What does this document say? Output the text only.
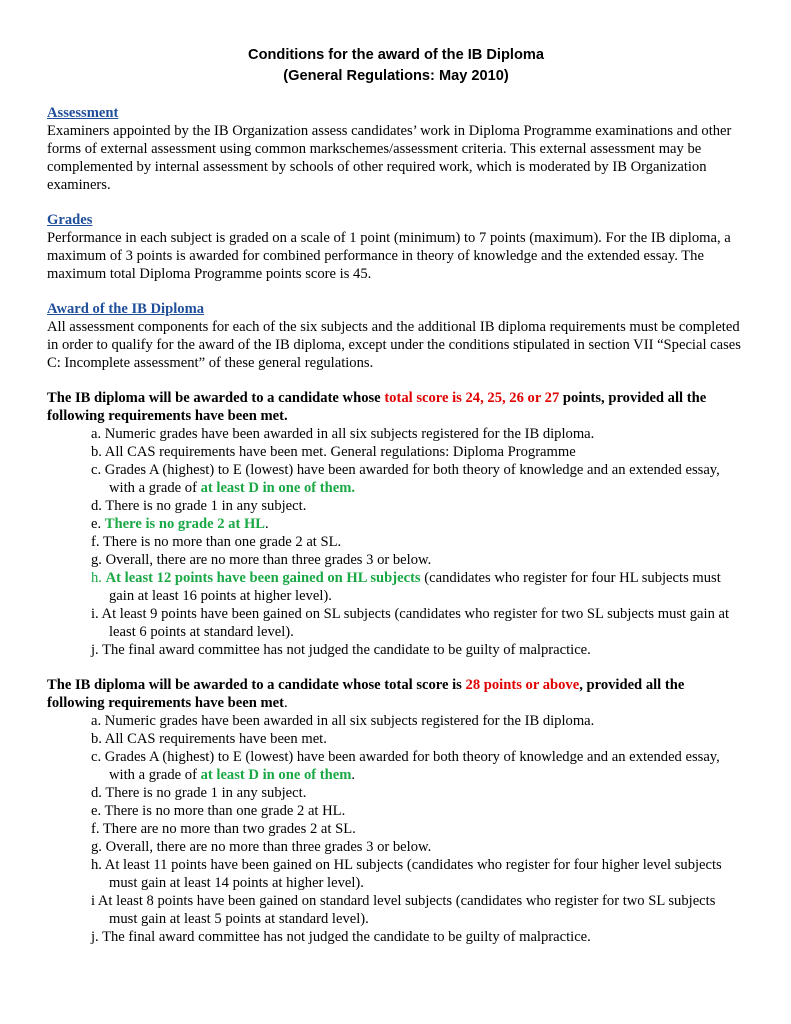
Conditions for the award of the IB Diploma

(General Regulations: May 2010)

Assessment

Examiners appointed by the IB Organization assess candidates’ work in Diploma Programme examinations and other forms of external assessment using common markschemes/assessment criteria. This external assessment may be complemented by internal assessment by schools of other required work, which is moderated by IB Organization examiners.

Grades

Performance in each subject is graded on a scale of 1 point (minimum) to 7 points (maximum). For the IB diploma, a maximum of 3 points is awarded for combined performance in theory of knowledge and the extended essay. The maximum total Diploma Programme points score is 45.

Award of the IB Diploma

All assessment components for each of the six subjects and the additional IB diploma requirements must be completed in order to qualify for the award of the IB diploma, except under the conditions stipulated in section VII “Special cases C: Incomplete assessment” of these general regulations.

The IB diploma will be awarded to a candidate whose total score is 24, 25, 26 or 27 points, provided all the following requirements have been met.

a. Numeric grades have been awarded in all six subjects registered for the IB diploma.
b. All CAS requirements have been met. General regulations: Diploma Programme
c. Grades A (highest) to E (lowest) have been awarded for both theory of knowledge and an extended essay, with a grade of at least D in one of them.
d. There is no grade 1 in any subject.
e. There is no grade 2 at HL.
f. There is no more than one grade 2 at SL.
g. Overall, there are no more than three grades 3 or below.
h. At least 12 points have been gained on HL subjects (candidates who register for four HL subjects must gain at least 16 points at higher level).
i. At least 9 points have been gained on SL subjects (candidates who register for two SL subjects must gain at least 6 points at standard level).
j. The final award committee has not judged the candidate to be guilty of malpractice.

The IB diploma will be awarded to a candidate whose total score is 28 points or above, provided all the following requirements have been met.

a. Numeric grades have been awarded in all six subjects registered for the IB diploma.
b. All CAS requirements have been met.
c. Grades A (highest) to E (lowest) have been awarded for both theory of knowledge and an extended essay, with a grade of at least D in one of them.
d. There is no grade 1 in any subject.
e. There is no more than one grade 2 at HL.
f. There are no more than two grades 2 at SL.
g. Overall, there are no more than three grades 3 or below.
h. At least 11 points have been gained on HL subjects (candidates who register for four higher level subjects must gain at least 14 points at higher level).
i At least 8 points have been gained on standard level subjects (candidates who register for two SL subjects must gain at least 5 points at standard level).
j. The final award committee has not judged the candidate to be guilty of malpractice.
